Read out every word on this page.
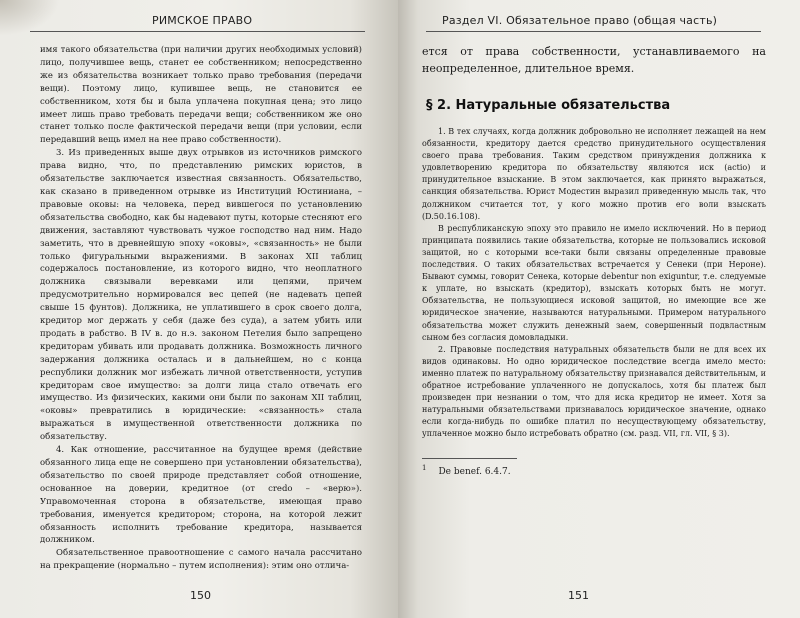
РИМСКОЕ ПРАВО

имя такого обязательства (при наличии других необходимых условий) лицо, получившее вещь, станет ее собственником; непосредственно же из обязательства возникает только право требования (передачи вещи). Поэтому лицо, купившее вещь, не становится ее собственником, хотя бы и была уплачена покупная цена; это лицо имеет лишь право требовать передачи вещи; собственником же оно станет только после фактической передачи вещи (при условии, если передавший вещь имел на нее право собственности).

3. Из приведенных выше двух отрывков из источников римского права видно, что, по представлению римских юристов, в обязательстве заключается известная связанность. Обязательство, как сказано в приведенном отрывке из Институций Юстиниана, – правовые оковы: на человека, перед вившегося по установлению обязательства свободно, как бы надевают путы, которые стесняют его движения, заставляют чувствовать чужое господство над ним. Надо заметить, что в древнейшую эпоху «оковы», «связанность» не были только фигуральными выражениями. В законах XII таблиц содержалось постановление, из которого видно, что неоплатного должника связывали веревками или цепями, причем предусмотрительно нормировался вес цепей (не надевать цепей свыше 15 фунтов). Должника, не уплатившего в срок своего долга, кредитор мог держать у себя (даже без суда), а затем убить или продать в рабство. В IV в. до н.э. законом Петелия было запрещено кредиторам убивать или продавать должника. Возможность личного задержания должника осталась и в дальнейшем, но с конца республики должник мог избежать личной ответственности, уступив кредиторам свое имущество: за долги лица стало отвечать его имущество. Из физических, какими они были по законам XII таблиц, «оковы» превратились в юридические: «связанность» стала выражаться в имущественной ответственности должника по обязательству.

4. Как отношение, рассчитанное на будущее время (действие обязанного лица еще не совершено при установлении обязательства), обязательство по своей природе представляет собой отношение, основанное на доверии, кредитное (от credo – «верю»). Управомоченная сторона в обязательстве, имеющая право требования, именуется кредитором; сторона, на которой лежит обязанность исполнить требование кредитора, называется должником.

Обязательственное правоотношение с самого начала рассчитано на прекращение (нормально – путем исполнения): этим оно отлича-

150
Раздел VI. Обязательное право (общая часть)

ется от права собственности, устанавливаемого на неопределенное, длительное время.

§ 2. Натуральные обязательства

1. В тех случаях, когда должник добровольно не исполняет лежащей на нем обязанности, кредитору дается средство принудительного осуществления своего права требования. Таким средством принуждения должника к удовлетворению кредитора по обязательству являются иск (actio) и принудительное взыскание. В этом заключается, как принято выражаться, санкция обязательства. Юрист Модестин выразил приведенную мысль так, что должником считается тот, у кого можно против его воли взыскать (D.50.16.108).

В республиканскую эпоху это правило не имело исключений. Но в период принципата появились такие обязательства, которые не пользовались исковой защитой, но с которыми все-таки были связаны определенные правовые последствия. О таких обязательствах встречается у Сенеки (при Нероне). Бывают суммы, говорит Сенека, которые debentur non exiguntur, т.е. следуемые к уплате, но взыскать (кредитор), взыскать которых быть не могут. Обязательства, не пользующиеся исковой защитой, но имеющие все же юридическое значение, называются натуральными. Примером натурального обязательства может служить денежный заем, совершенный подвластным сыном без согласия домовладыки.

2. Правовые последствия натуральных обязательств были не для всех их видов одинаковы. Но одно юридическое последствие всегда имело место: именно платеж по натуральному обязательству признавался действительным, и обратное истребование уплаченного не допускалось, хотя бы платеж был произведен при незнании о том, что для иска кредитор не имеет. Хотя за натуральными обязательствами признавалось юридическое значение, однако если когда-нибудь по ошибке платил по несуществующему обязательству, уплаченное можно было истребовать обратно (см. разд. VII, гл. VII, § 3).

$^1$ De benef. 6.4.7.
151
